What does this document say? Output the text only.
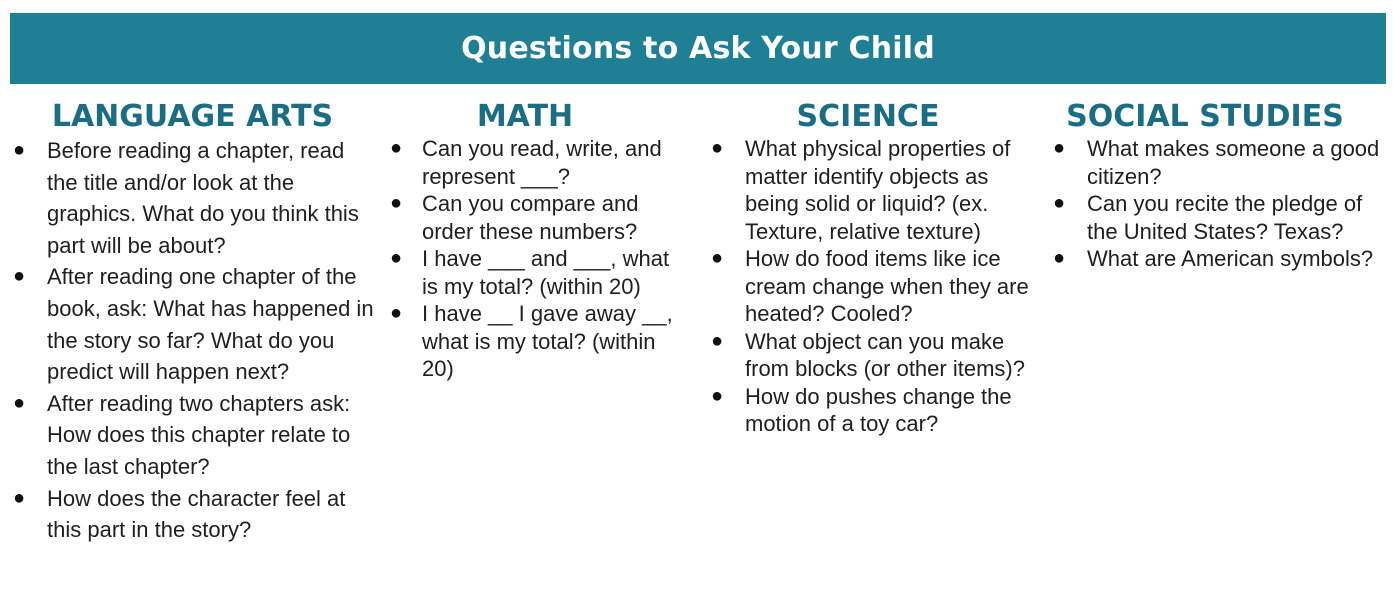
Questions to Ask Your Child
LANGUAGE ARTS
● Before reading a chapter, read the title and/or look at the graphics. What do you think this part will be about?
● After reading one chapter of the book, ask: What has happened in the story so far? What do you predict will happen next?
● After reading two chapters ask: How does this chapter relate to the last chapter?
● How does the character feel at this part in the story?
MATH
● Can you read, write, and represent ___?
● Can you compare and order these numbers?
● I have ___ and ___, what is my total? (within 20)
● I have __ I gave away __, what is my total? (within 20)
SCIENCE
● What physical properties of matter identify objects as being solid or liquid? (ex. Texture, relative texture)
● How do food items like ice cream change when they are heated? Cooled?
● What object can you make from blocks (or other items)?
● How do pushes change the motion of a toy car?
SOCIAL STUDIES
● What makes someone a good citizen?
● Can you recite the pledge of the United States? Texas?
● What are American symbols?
